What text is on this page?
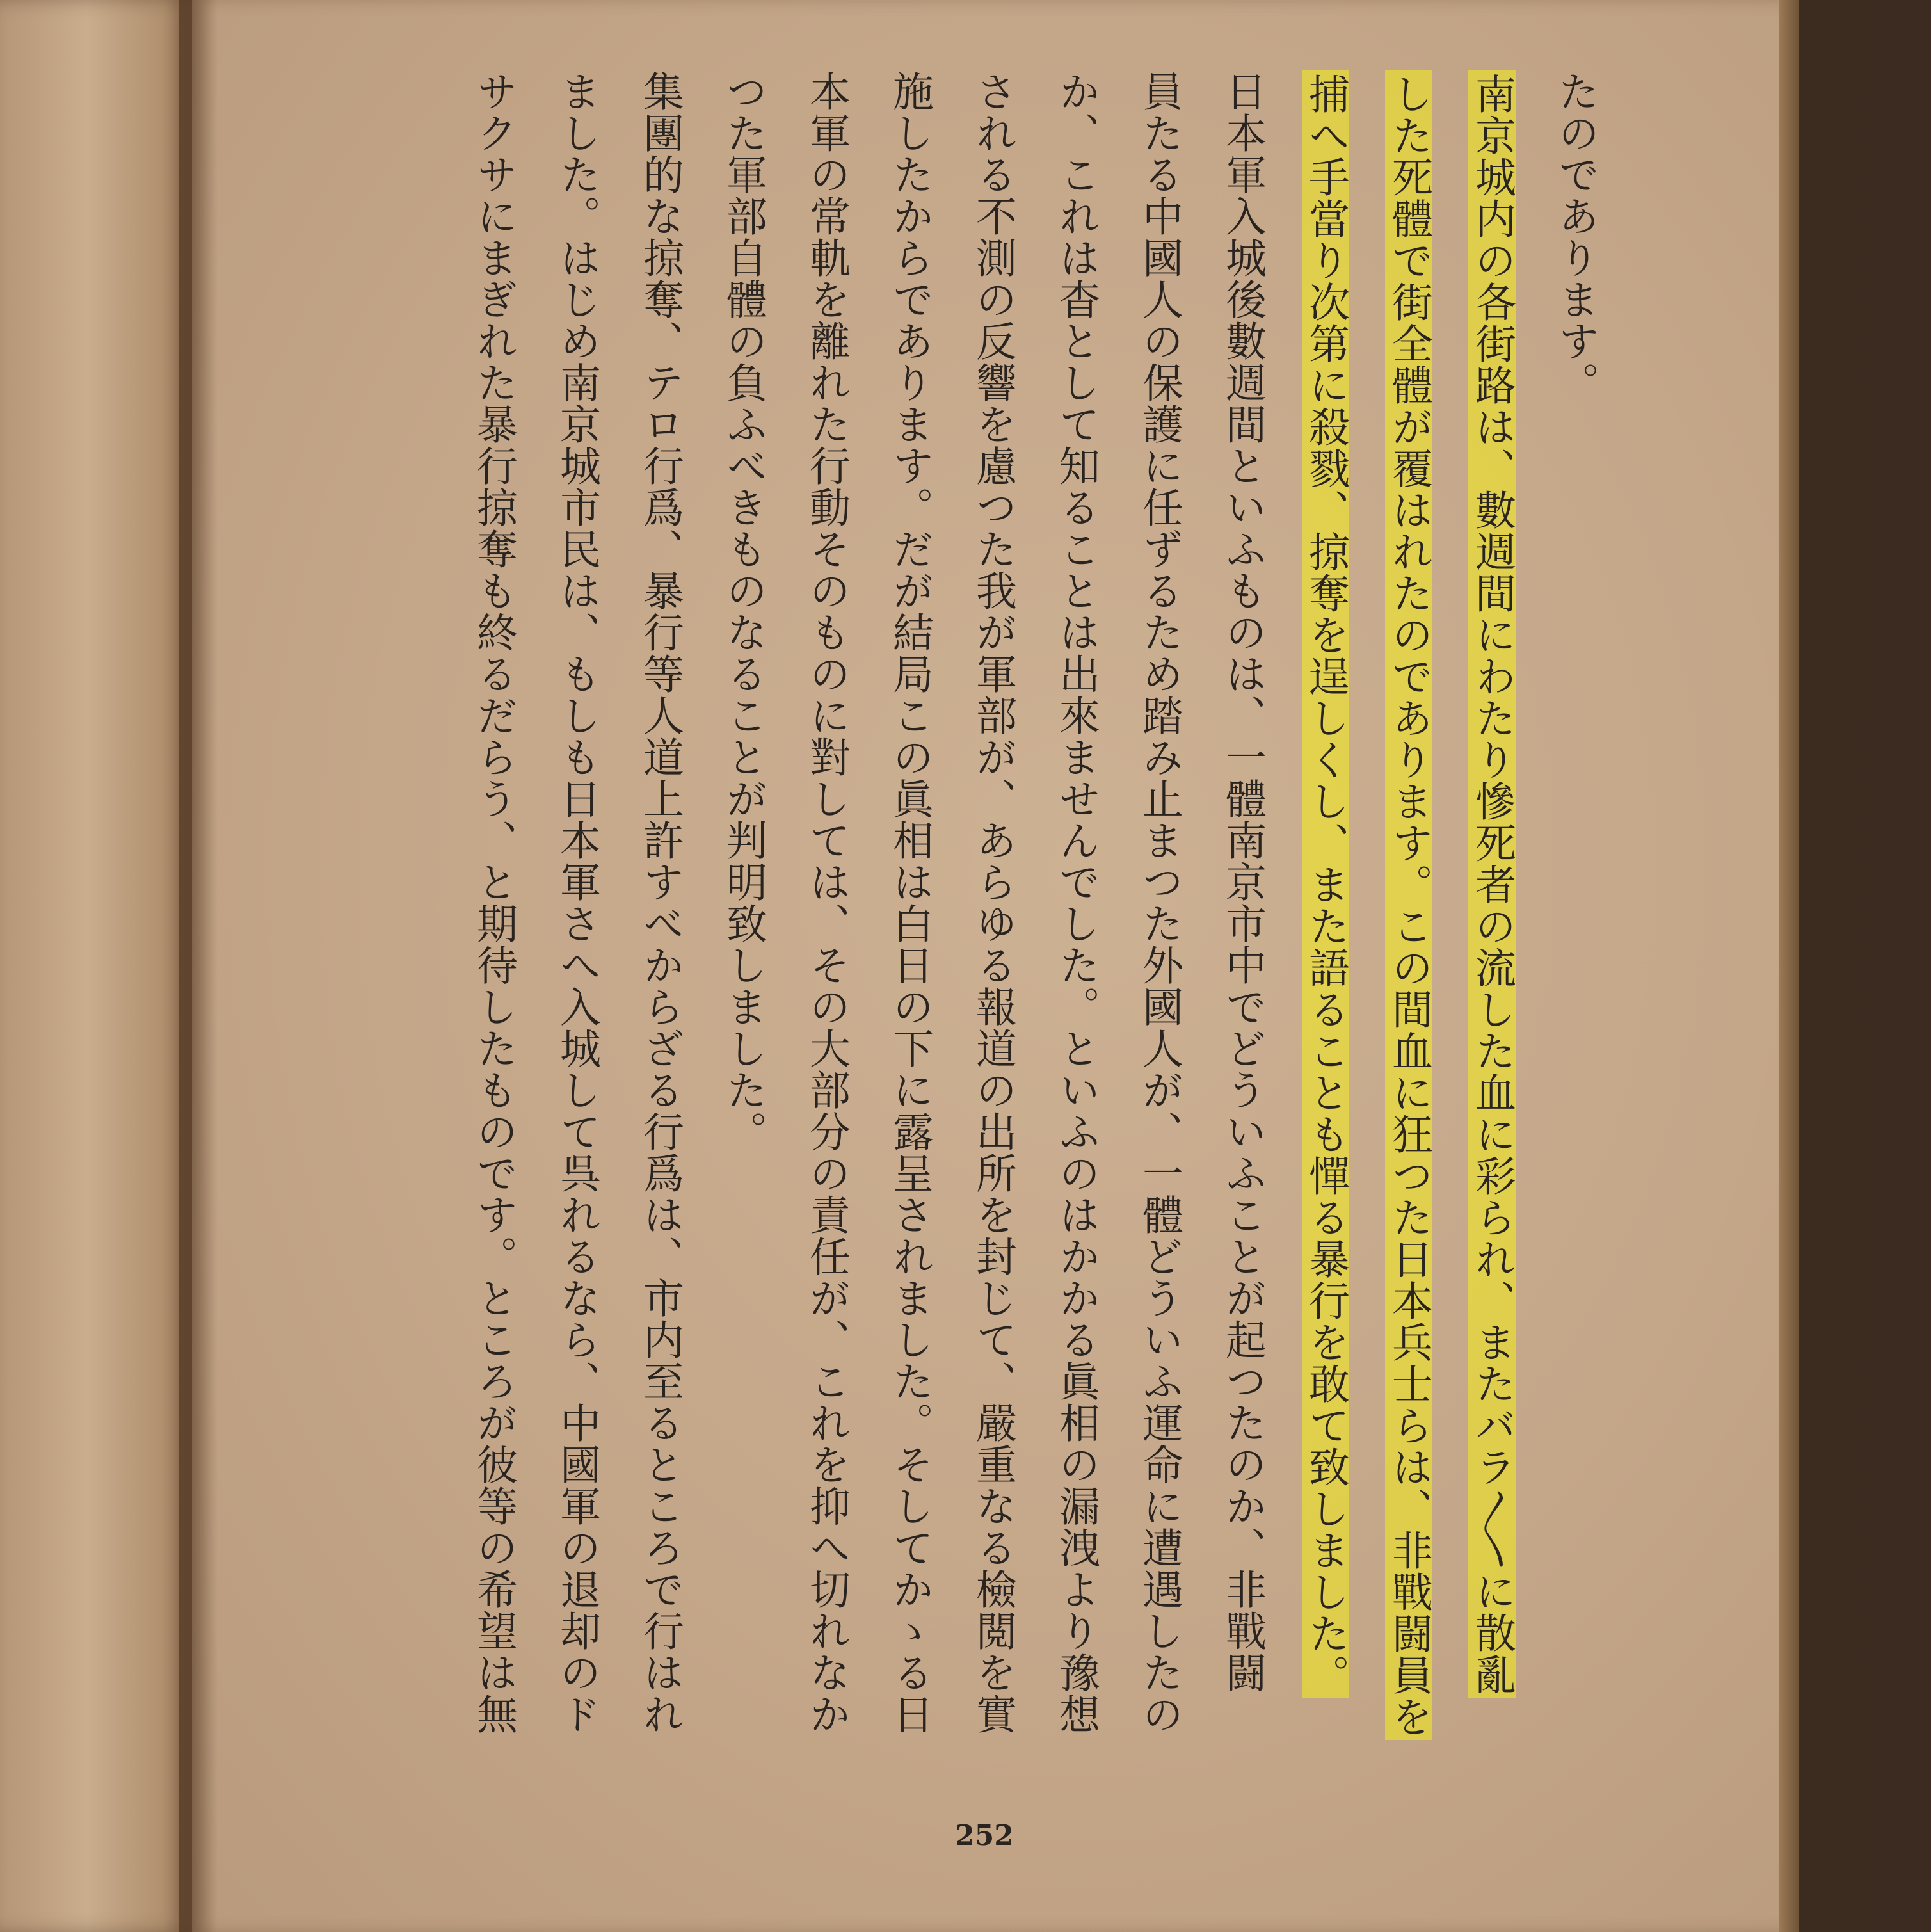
たのであります。
南京城内の各街路は、數週間にわたり慘死者の流した血に彩られ、またバラ〱に散亂
した死體で街全體が覆はれたのであります。この間血に狂つた日本兵士らは、非戰闘員を
捕へ手當り次第に殺戮、掠奪を逞しくし、また語ることも憚る暴行を敢て致しました。
日本軍入城後數週間といふものは、一體南京市中でどういふことが起つたのか、非戰闘
員たる中國人の保護に任ずるため踏み止まつた外國人が、一體どういふ運命に遭遇したの
か、これは杳として知ることは出來ませんでした。といふのはかかる眞相の漏洩より豫想
される不測の反響を慮つた我が軍部が、あらゆる報道の出所を封じて、嚴重なる檢閲を實
施したからであります。だが結局この眞相は白日の下に露呈されました。そしてかゝる日
本軍の常軌を離れた行動そのものに對しては、その大部分の責任が、これを抑へ切れなか
つた軍部自體の負ふべきものなることが判明致しました。
集團的な掠奪、テロ行爲、暴行等人道上許すべからざる行爲は、市内至るところで行はれ
ました。はじめ南京城市民は、もしも日本軍さへ入城して呉れるなら、中國軍の退却のド
サクサにまぎれた暴行掠奪も終るだらう、と期待したものです。ところが彼等の希望は無
252
